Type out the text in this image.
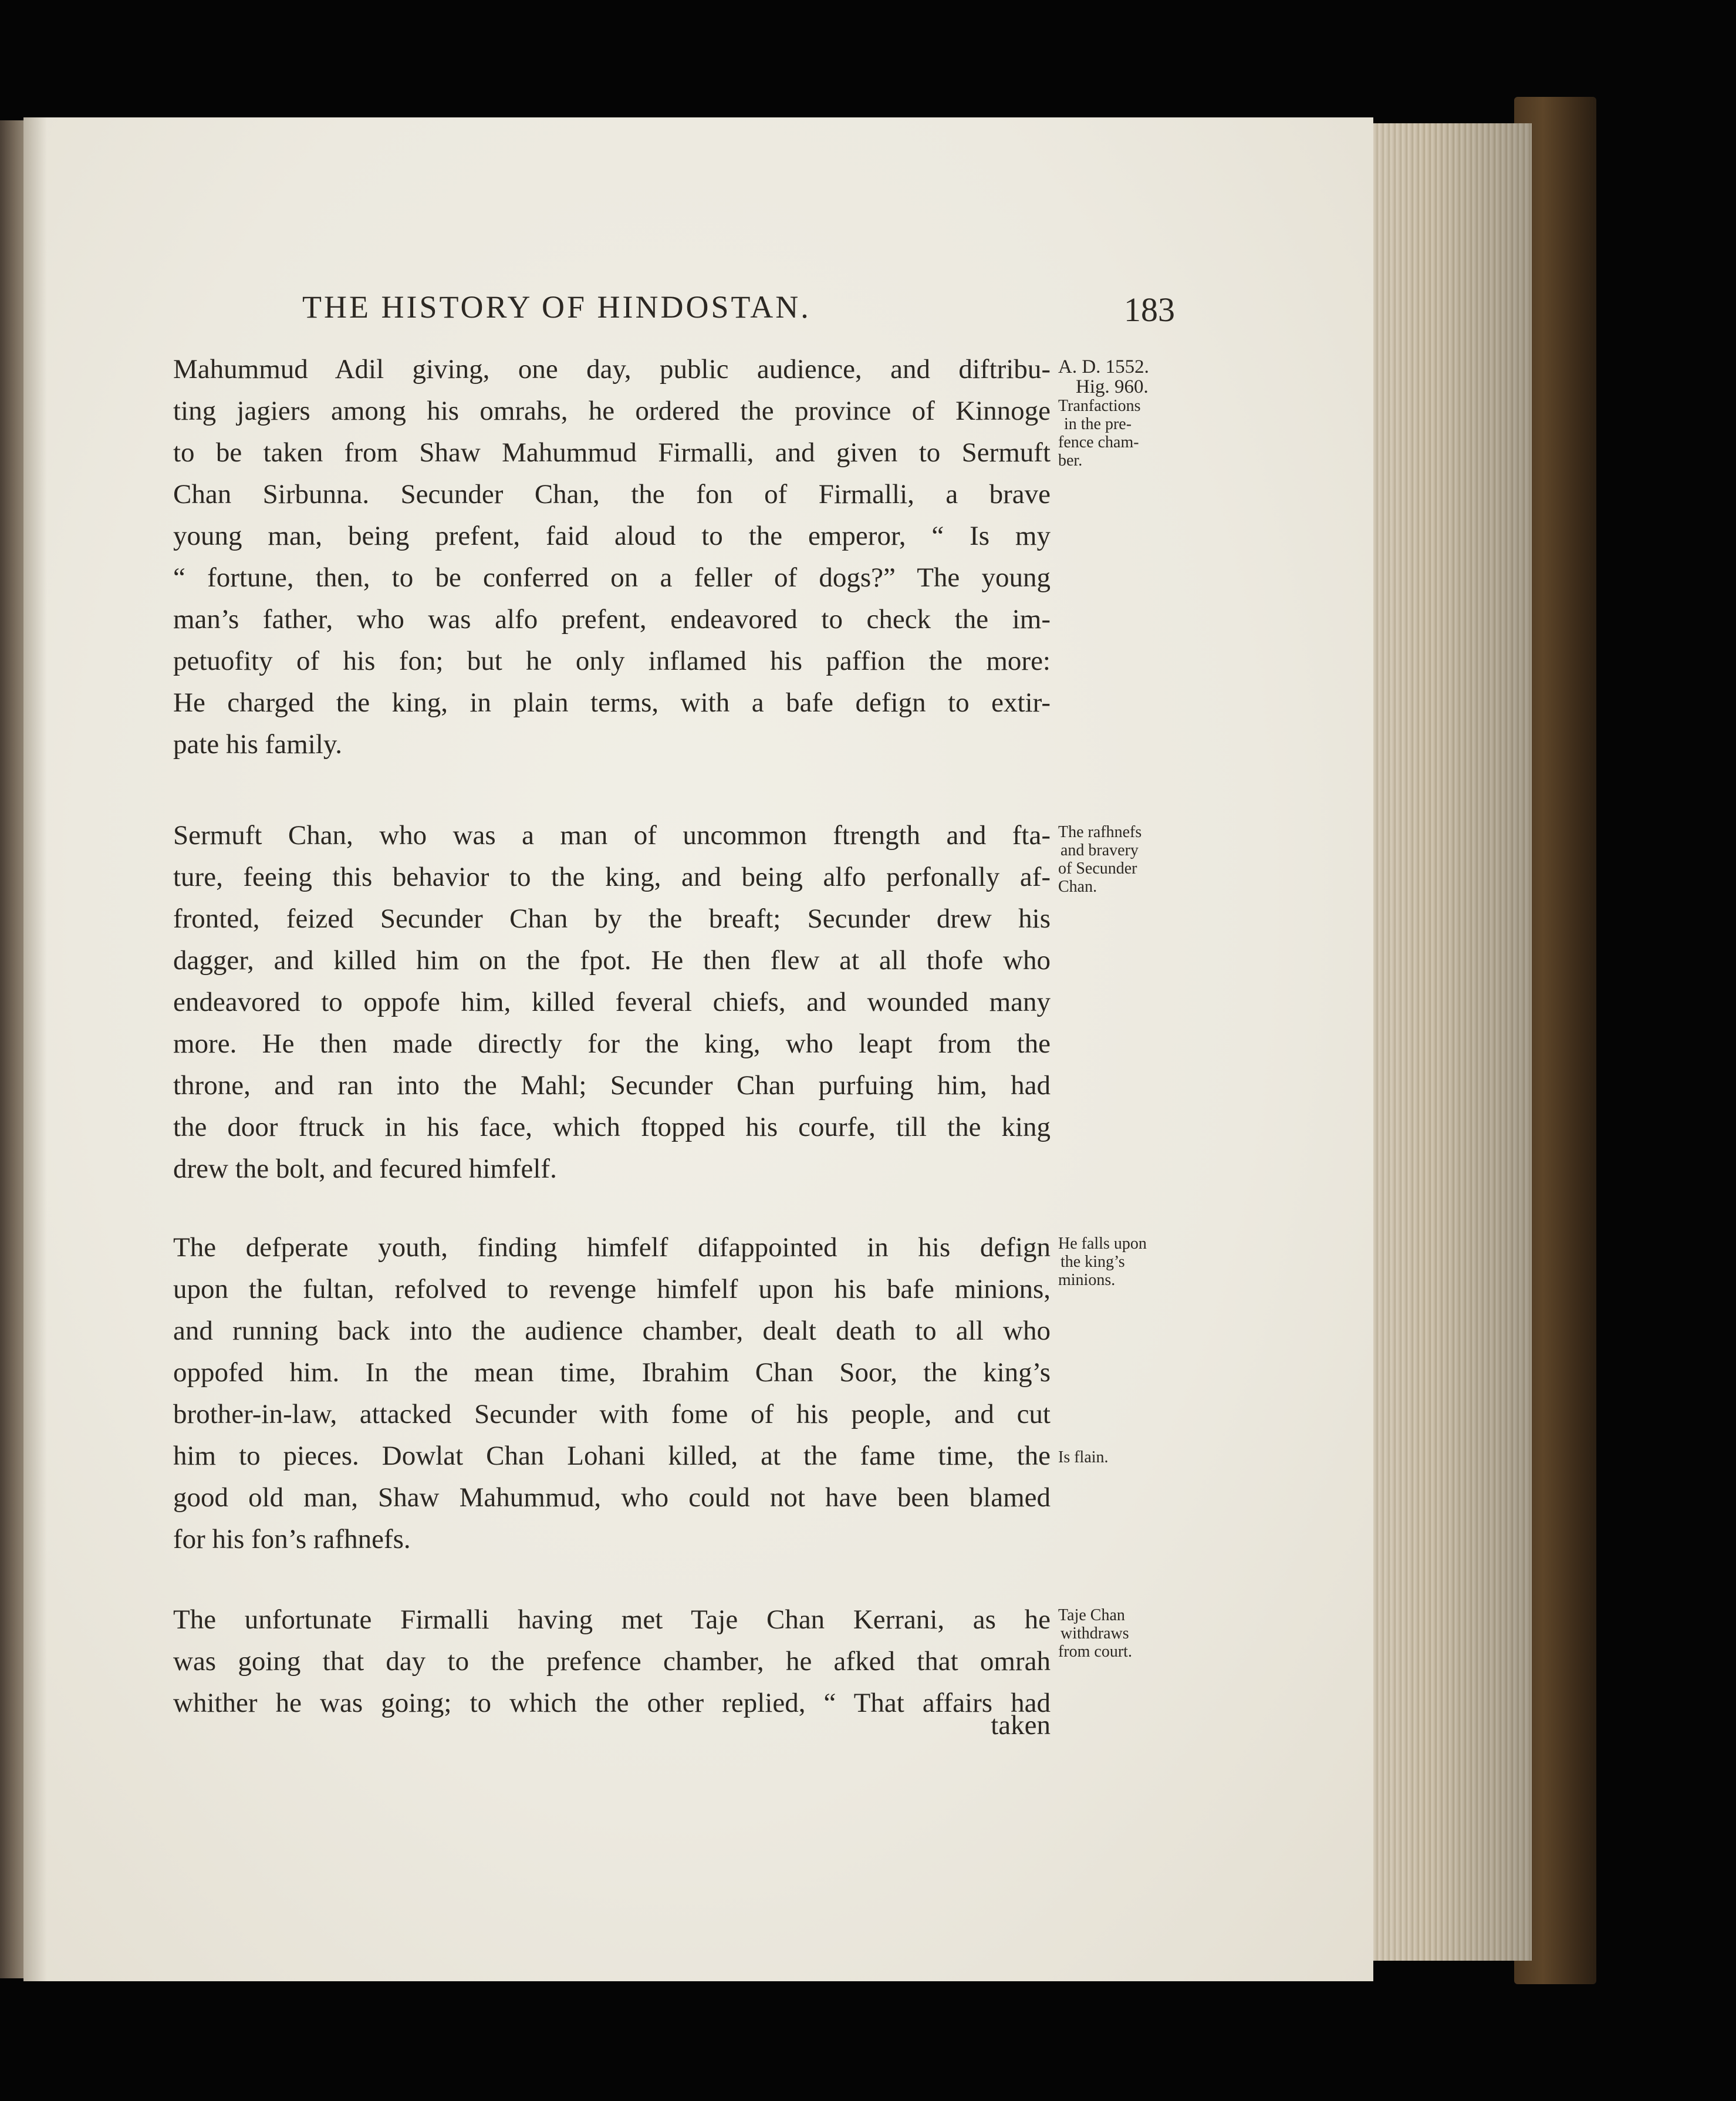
THE HISTORY OF HINDOSTAN.	183
Mahummud Adil giving, one day, public audience, and diftribu-
ting jagiers among his omrahs, he ordered the province of Kinnoge
to be taken from Shaw Mahummud Firmalli, and given to Sermuft
Chan Sirbunna. Secunder Chan, the fon of Firmalli, a brave
young man, being prefent, faid aloud to the emperor, “ Is my
“ fortune, then, to be conferred on a feller of dogs?” The young
man’s father, who was alfo prefent, endeavored to check the im-
petuofity of his fon; but he only inflamed his paffion the more:
He charged the king, in plain terms, with a bafe defign to extir-
pate his family.
Sermuft Chan, who was a man of uncommon ftrength and fta-
ture, feeing this behavior to the king, and being alfo perfonally af-
fronted, feized Secunder Chan by the breaft; Secunder drew his
dagger, and killed him on the fpot. He then flew at all thofe who
endeavored to oppofe him, killed feveral chiefs, and wounded many
more. He then made directly for the king, who leapt from the
throne, and ran into the Mahl; Secunder Chan purfuing him, had
the door ftruck in his face, which ftopped his courfe, till the king
drew the bolt, and fecured himfelf.
The defperate youth, finding himfelf difappointed in his defign
upon the fultan, refolved to revenge himfelf upon his bafe minions,
and running back into the audience chamber, dealt death to all who
oppofed him. In the mean time, Ibrahim Chan Soor, the king’s
brother-in-law, attacked Secunder with fome of his people, and cut
him to pieces. Dowlat Chan Lohani killed, at the fame time, the
good old man, Shaw Mahummud, who could not have been blamed
for his fon’s rafhnefs.
The unfortunate Firmalli having met Taje Chan Kerrani, as he
was going that day to the prefence chamber, he afked that omrah
whither he was going; to which the other replied, “ That affairs had
taken
A. D. 1552.
Hig. 960.
Tranfactions
in the pre-
fence cham-
ber.
The rafhnefs
and bravery
of Secunder
Chan.
He falls upon
the king’s
minions.
Is flain.
Taje Chan
withdraws
from court.
